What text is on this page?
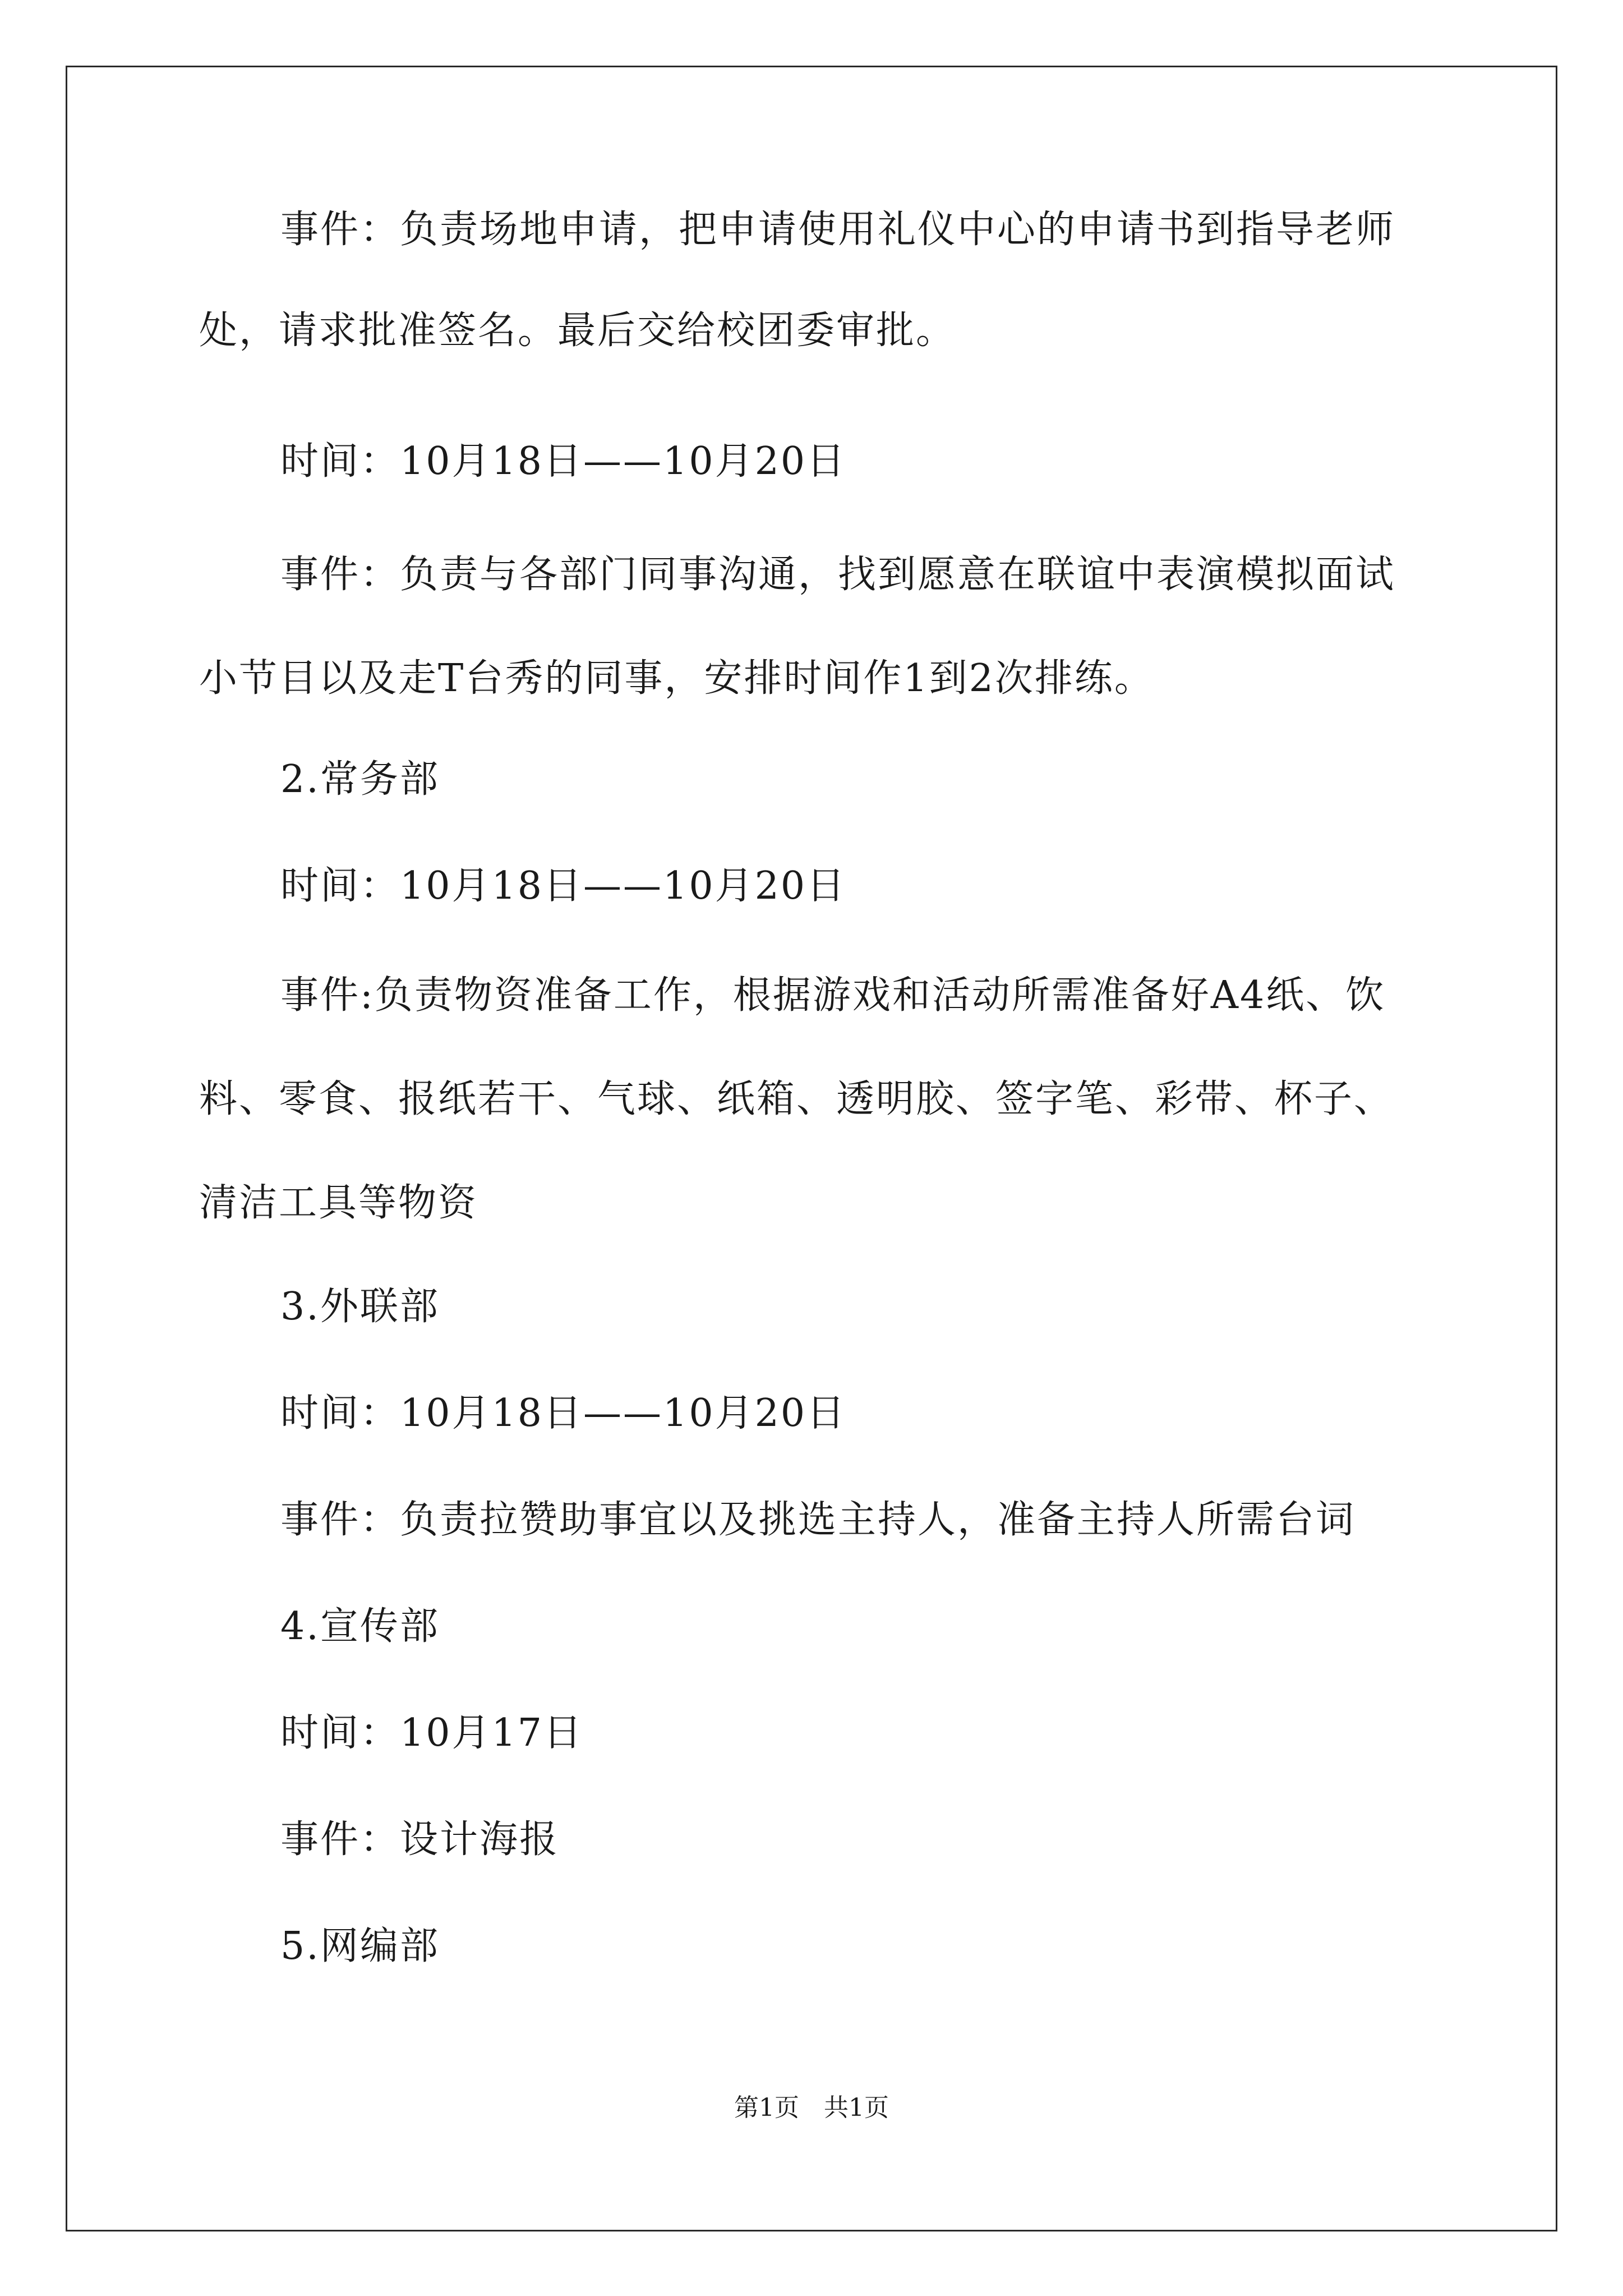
事件：负责场地申请，把申请使用礼仪中心的申请书到指导老师
处，请求批准签名。最后交给校团委审批。
时间：10月18日——10月20日
事件：负责与各部门同事沟通，找到愿意在联谊中表演模拟面试
小节目以及走T台秀的同事，安排时间作1到2次排练。
2.常务部
时间：10月18日——10月20日
事件:负责物资准备工作，根据游戏和活动所需准备好A4纸、饮
料、零食、报纸若干、气球、纸箱、透明胶、签字笔、彩带、杯子、
清洁工具等物资
3.外联部
时间：10月18日——10月20日
事件：负责拉赞助事宜以及挑选主持人，准备主持人所需台词
4.宣传部
时间：10月17日
事件：设计海报
5.网编部
第1页　共1页
